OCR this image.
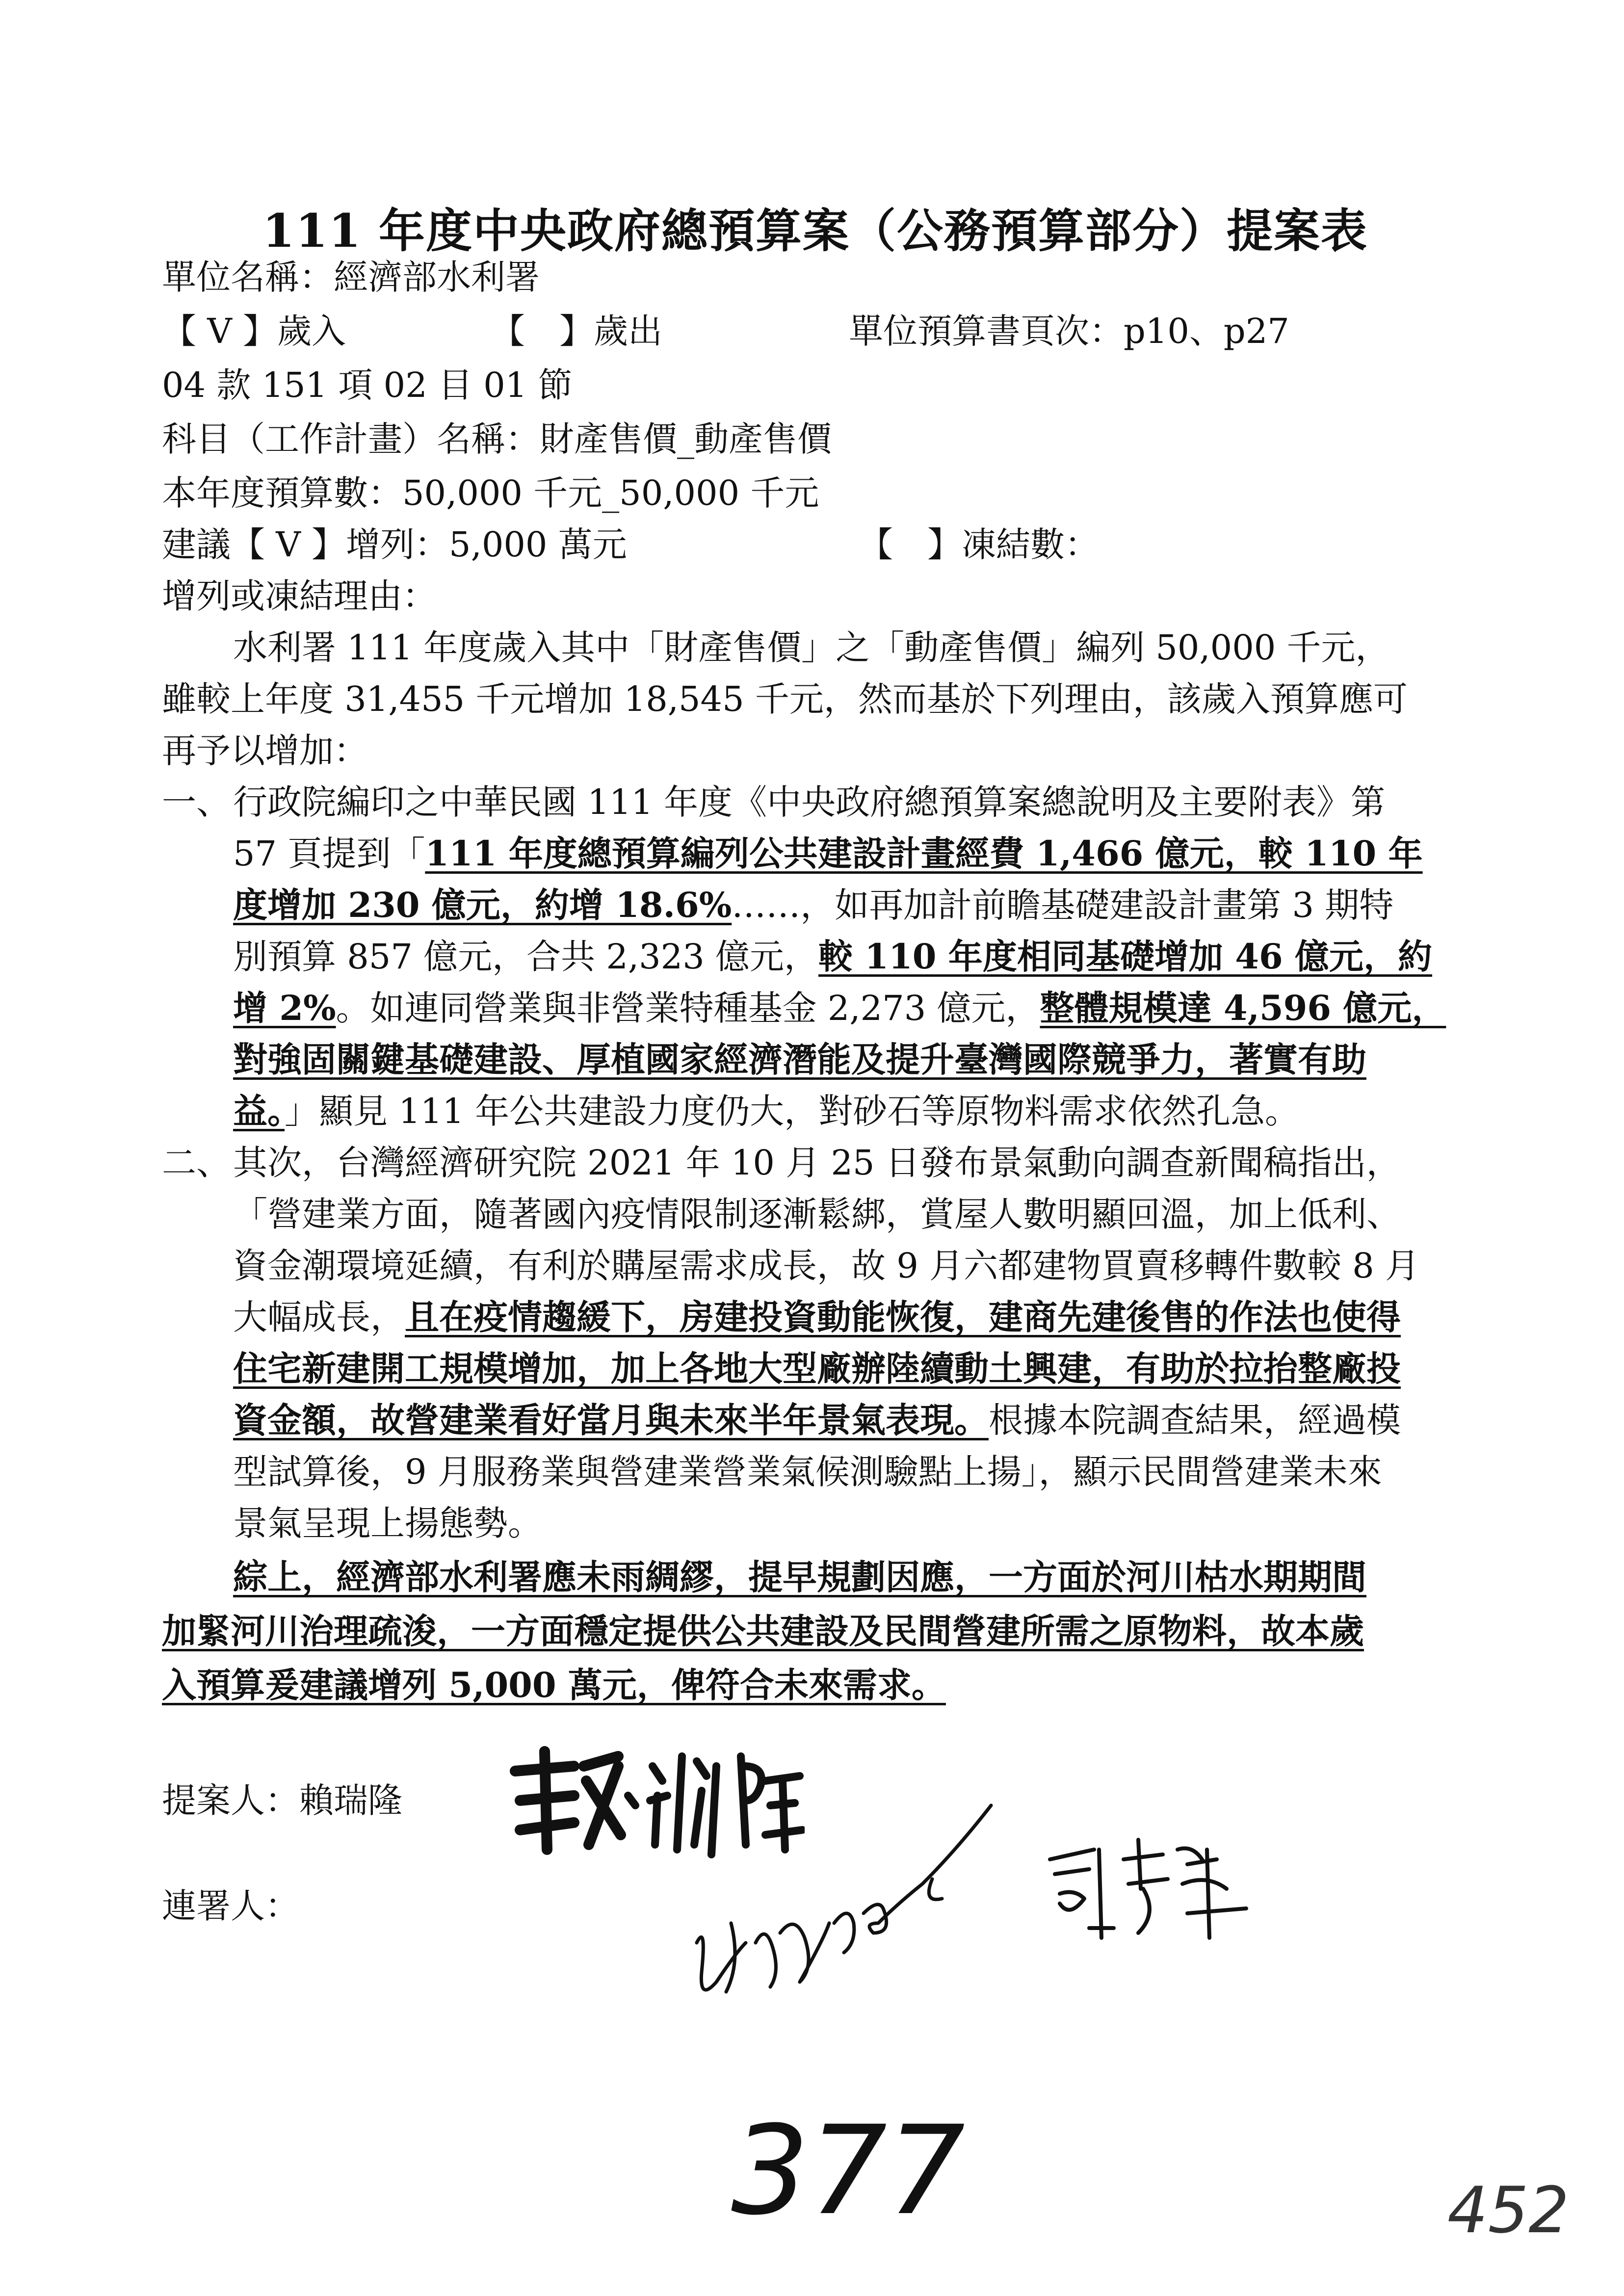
111 年度中央政府總預算案（公務預算部分）提案表
單位名稱：經濟部水利署
【 V 】歲入	【　】歲出	單位預算書頁次：p10、p27
04 款 151 項 02 目 01 節
科目（工作計畫）名稱：財產售價_動產售價
本年度預算數：50,000 千元_50,000 千元
建議【 V 】增列：5,000 萬元	【　】凍結數：
增列或凍結理由：
水利署 111 年度歲入其中「財產售價」之「動產售價」編列 50,000 千元，
雖較上年度 31,455 千元增加 18,545 千元，然而基於下列理由，該歲入預算應可
再予以增加：
一、 行政院編印之中華民國 111 年度《中央政府總預算案總說明及主要附表》第
57 頁提到「111 年度總預算編列公共建設計畫經費 1,466 億元，較 110 年
度增加 230 億元，約增 18.6%……，如再加計前瞻基礎建設計畫第 3 期特
別預算 857 億元，合共 2,323 億元，較 110 年度相同基礎增加 46 億元，約
增 2%。如連同營業與非營業特種基金 2,273 億元，整體規模達 4,596 億元，
對強固關鍵基礎建設、厚植國家經濟潛能及提升臺灣國際競爭力，著實有助
益。」顯見 111 年公共建設力度仍大，對砂石等原物料需求依然孔急。
二、 其次，台灣經濟研究院 2021 年 10 月 25 日發布景氣動向調查新聞稿指出，
「營建業方面，隨著國內疫情限制逐漸鬆綁，賞屋人數明顯回溫，加上低利、
資金潮環境延續，有利於購屋需求成長，故 9 月六都建物買賣移轉件數較 8 月
大幅成長，且在疫情趨緩下，房建投資動能恢復，建商先建後售的作法也使得
住宅新建開工規模增加，加上各地大型廠辦陸續動土興建，有助於拉抬整廠投
資金額，故營建業看好當月與未來半年景氣表現。根據本院調查結果，經過模
型試算後，9 月服務業與營建業營業氣候測驗點上揚」，顯示民間營建業未來
景氣呈現上揚態勢。
綜上，經濟部水利署應未雨綢繆，提早規劃因應，一方面於河川枯水期期間
加緊河川治理疏浚，一方面穩定提供公共建設及民間營建所需之原物料，故本歲
入預算爰建議增列 5,000 萬元，俾符合未來需求。
提案人：賴瑞隆
連署人：
377	452
